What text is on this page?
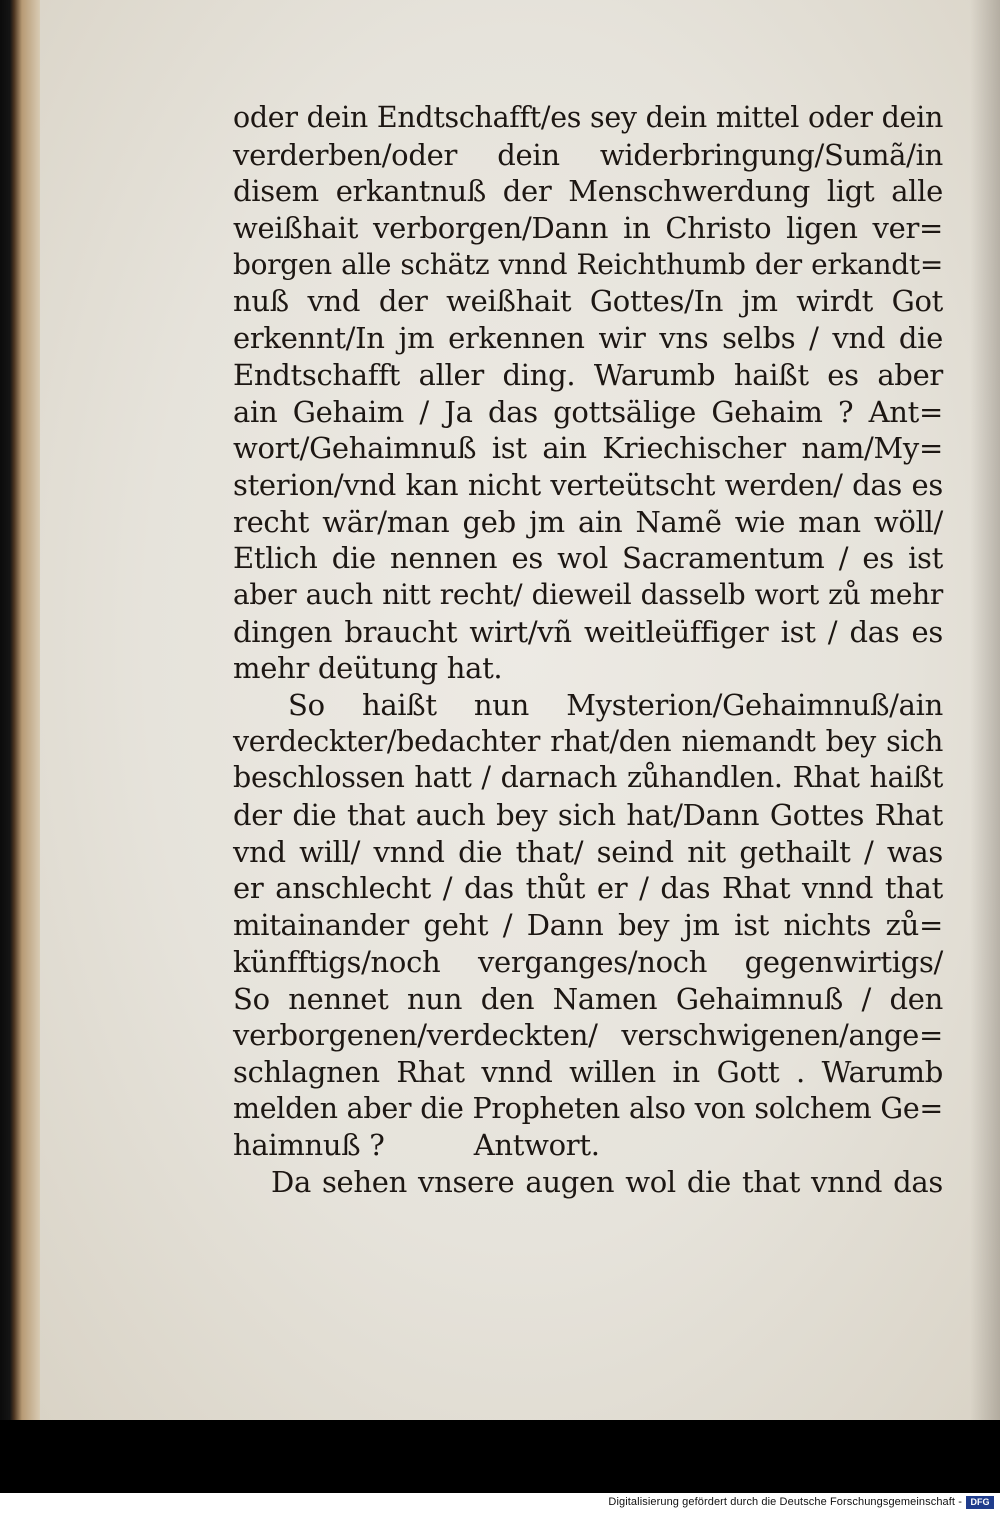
oder dein Endtschafft/es sey dein mittel oder dein
verderben/oder dein widerbringung/Sumã/in
disem erkantnuß der Menschwerdung ligt alle
weißhait verborgen/Dann in Christo ligen ver=
borgen alle schätz vnnd Reichthumb der erkandt=
nuß vnd der weißhait Gottes/In jm wirdt Got
erkennt/In jm erkennen wir vns selbs / vnd die
Endtschafft aller ding. Warumb haißt es aber
ain Gehaim / Ja das gottsälige Gehaim ? Ant=
wort/Gehaimnuß ist ain Kriechischer nam/My=
sterion/vnd kan nicht verteütscht werden/ das es
recht wär/man geb jm ain Namẽ wie man wöll/
Etlich die nennen es wol Sacramentum / es ist
aber auch nitt recht/ dieweil dasselb wort zů mehr
dingen braucht wirt/vñ weitleüffiger ist / das es
mehr deütung hat.
So haißt nun Mysterion/Gehaimnuß/ain
verdeckter/bedachter rhat/den niemandt bey sich
beschlossen hatt / darnach zůhandlen. Rhat haißt
der die that auch bey sich hat/Dann Gottes Rhat
vnd will/ vnnd die that/ seind nit gethailt / was
er anschlecht / das thůt er / das Rhat vnnd that
mitainander geht / Dann bey jm ist nichts zů=
künfftigs/noch verganges/noch gegenwirtigs/
So nennet nun den Namen Gehaimnuß / den
verborgenen/verdeckten/ verschwigenen/ange=
schlagnen Rhat vnnd willen in Gott . Warumb
melden aber die Propheten also von solchem Ge=
haimnuß ?          Antwort.
Da sehen vnsere augen wol die that vnnd das
Digitalisierung gefördert durch die Deutsche Forschungsgemeinschaft - DFG
